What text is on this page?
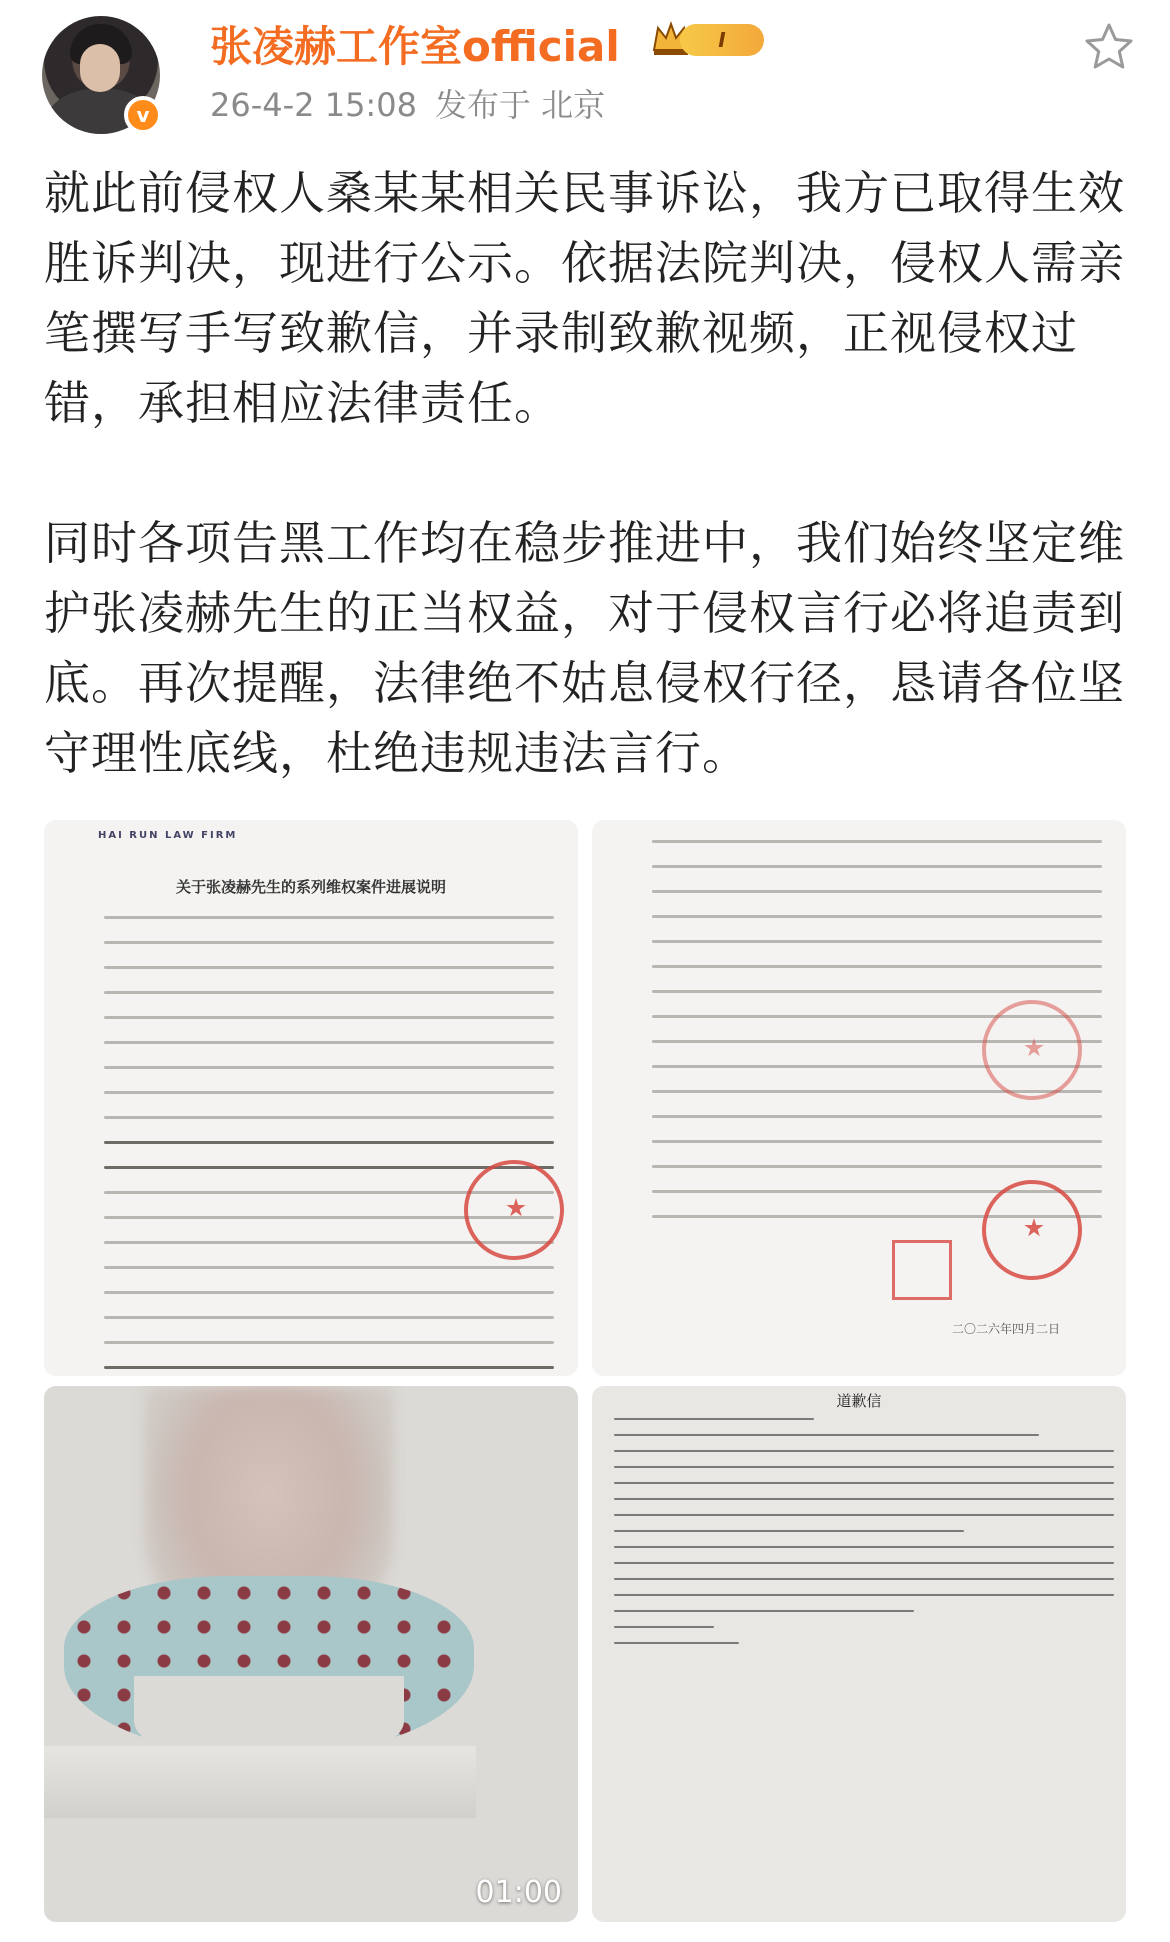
v
张凌赫工作室official	Ⅰ
26-4-2 15:08 发布于 北京

就此前侵权人桑某某相关民事诉讼，我方已取得生效胜诉判决，现进行公示。依据法院判决，侵权人需亲笔撰写手写致歉信，并录制致歉视频，正视侵权过错，承担相应法律责任。

同时各项告黑工作均在稳步推进中，我们始终坚定维护张凌赫先生的正当权益，对于侵权言行必将追责到底。再次提醒，法律绝不姑息侵权行径，恳请各位坚守理性底线，杜绝违规违法言行。

HAI RUN LAW FIRM
关于张凌赫先生的系列维权案件进展说明
二〇二六年四月二日
01:00
道歉信
